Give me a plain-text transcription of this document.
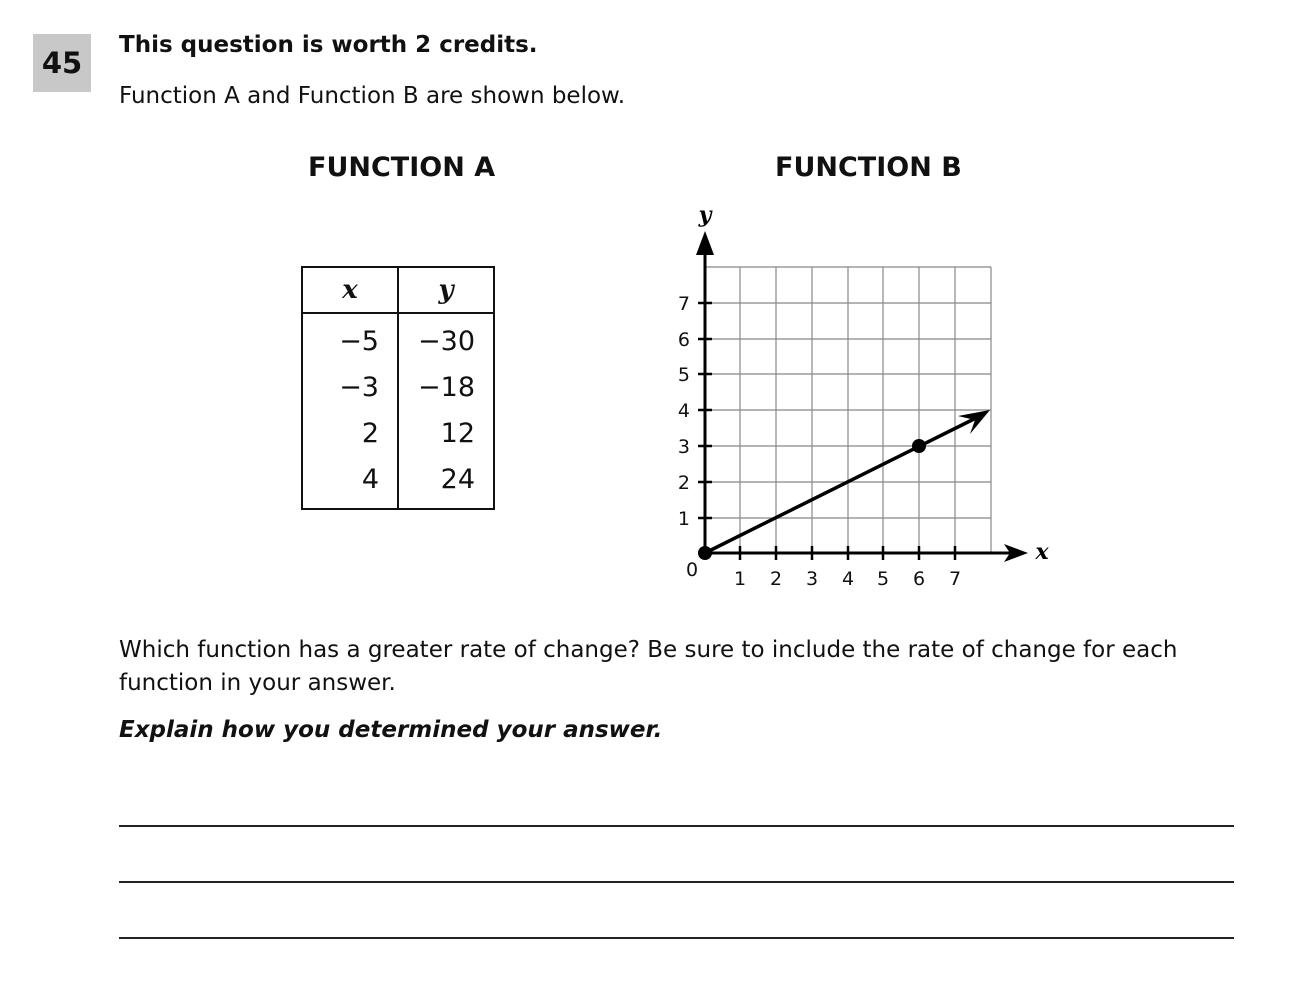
45
This question is worth 2 credits.
Function A and Function B are shown below.
FUNCTION A	FUNCTION B
x	y
−5	−30
−3	−18
2	12
4	24
7
6
5
4
3
2
1
0 1 2 3 4 5 6 7
y
x
Which function has a greater rate of change? Be sure to include the rate of change for each function in your answer.
Explain how you determined your answer.
